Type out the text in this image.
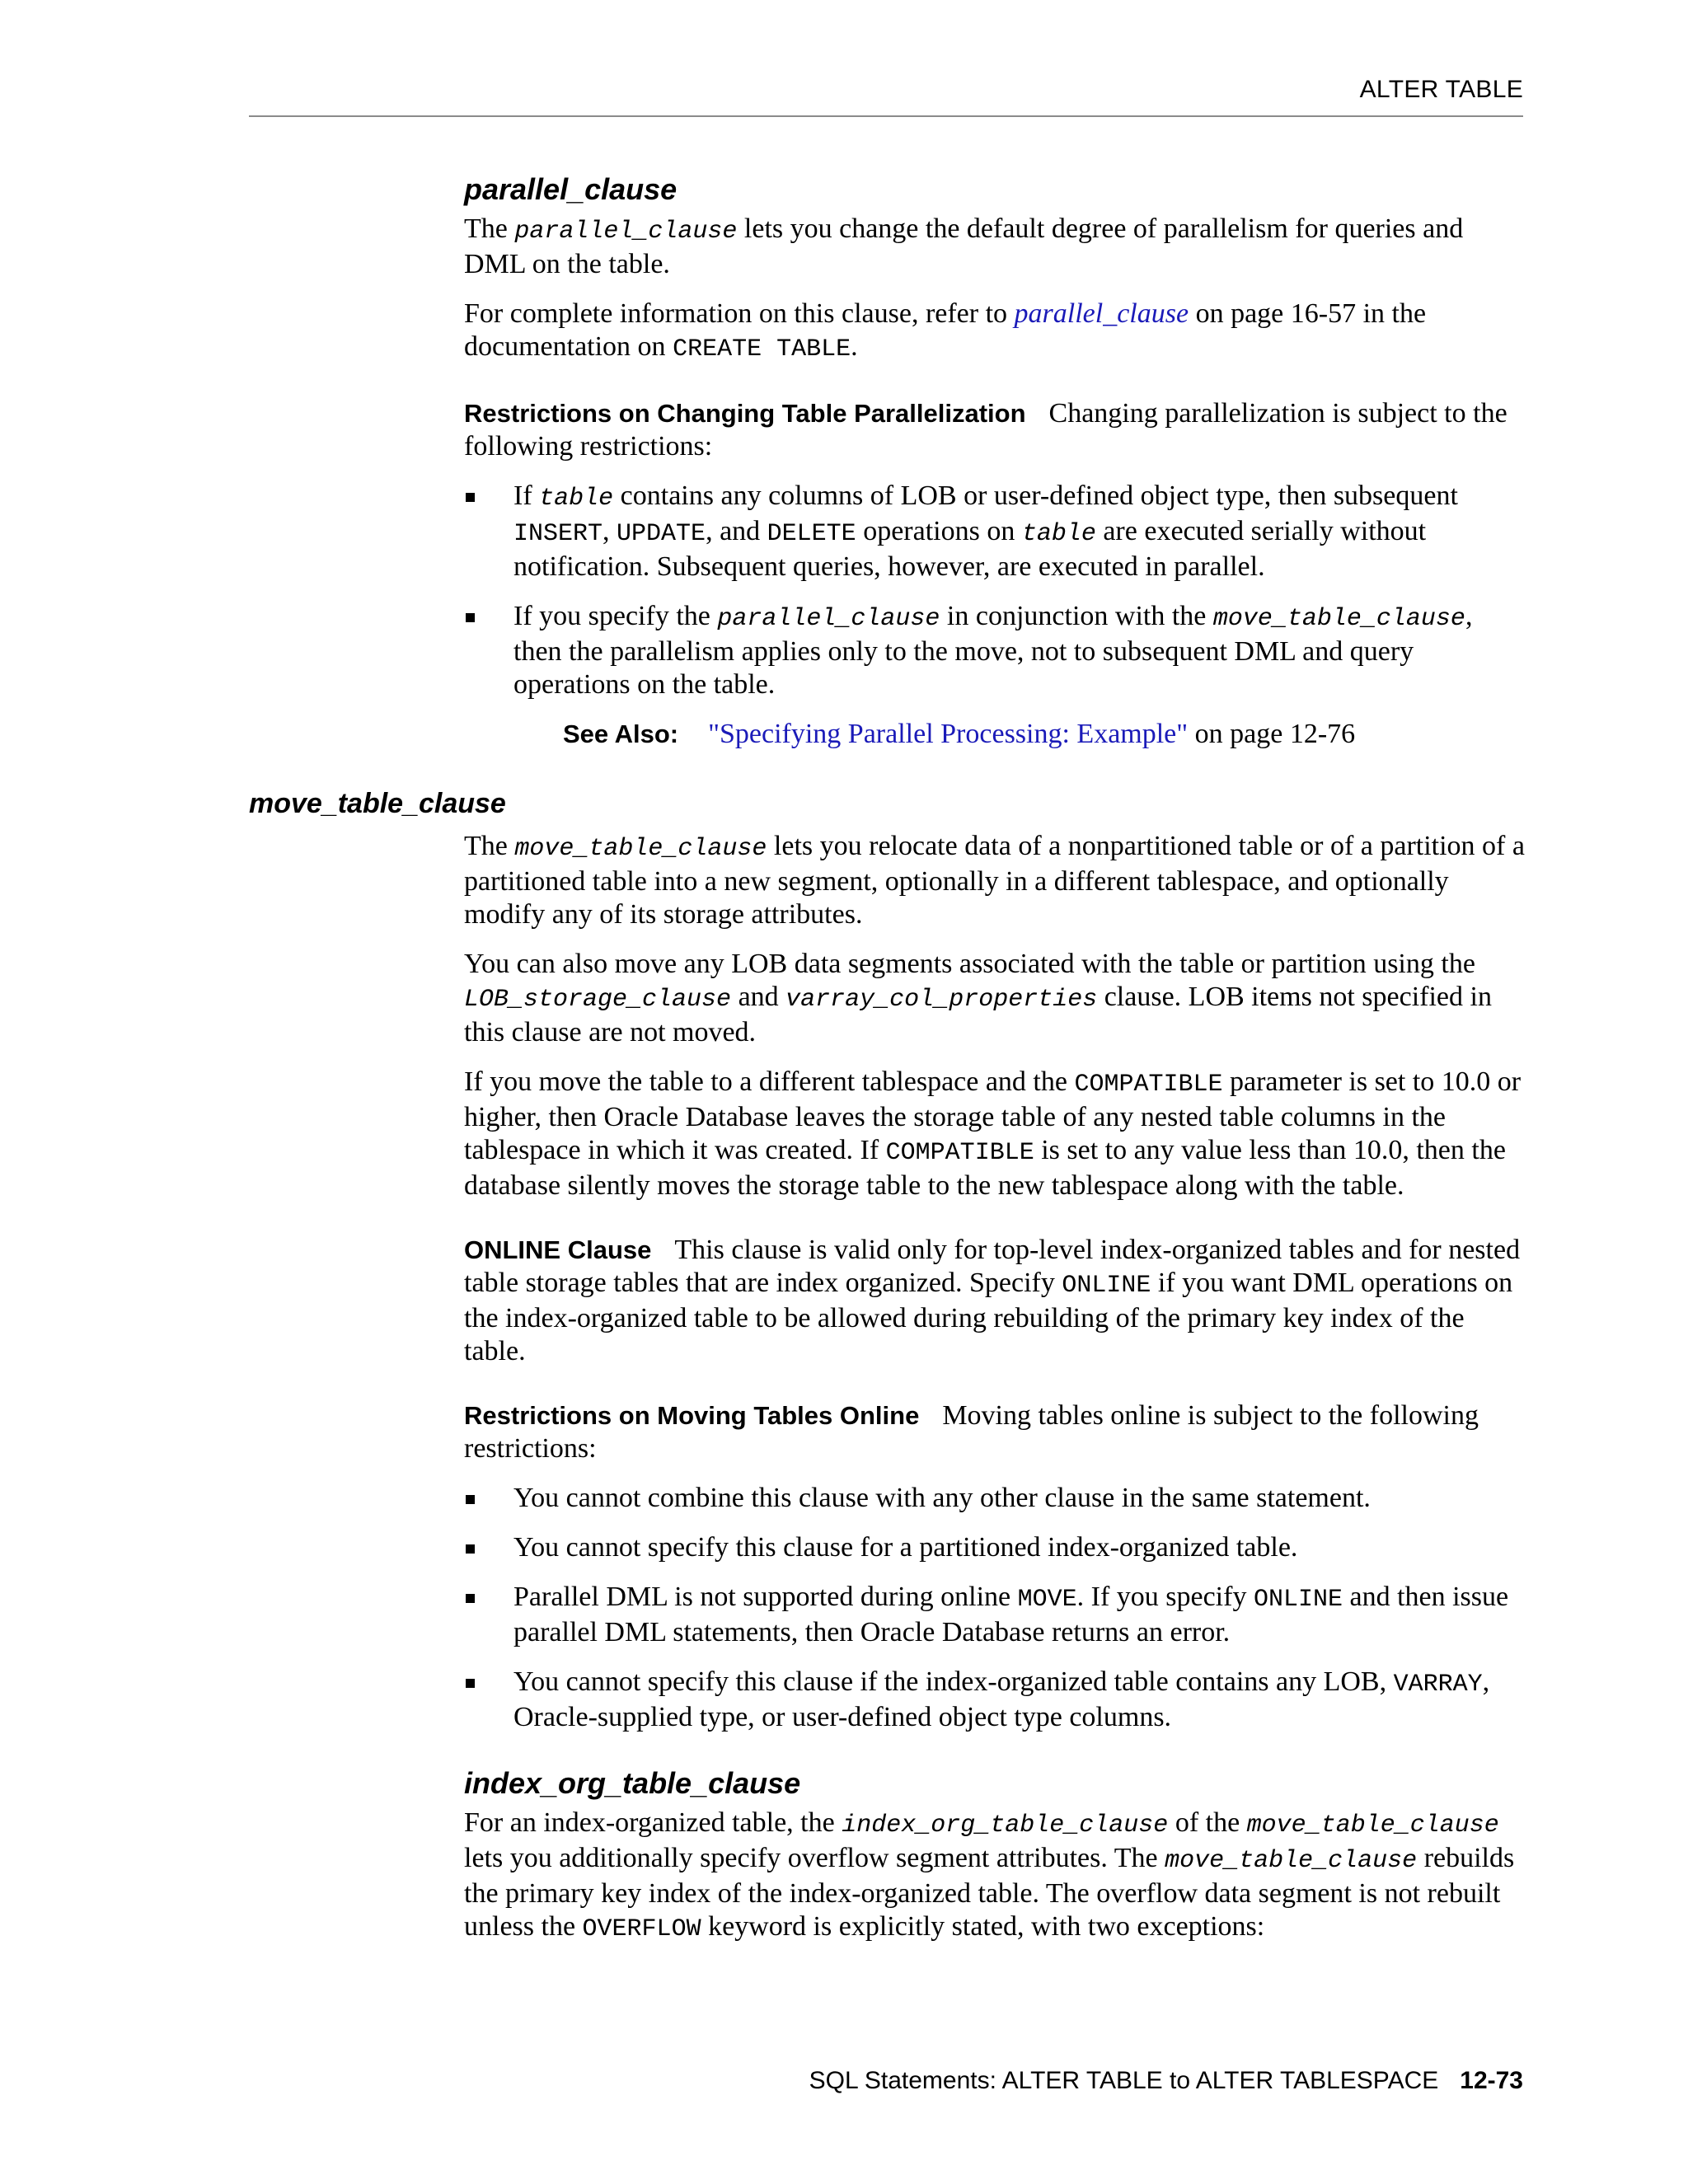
ALTER TABLE
parallel_clause

The parallel_clause lets you change the default degree of parallelism for queries and DML on the table.

For complete information on this clause, refer to parallel_clause on page 16-57 in the documentation on CREATE TABLE.

Restrictions on Changing Table Parallelization Changing parallelization is subject to the following restrictions:

If table contains any columns of LOB or user-defined object type, then subsequent INSERT, UPDATE, and DELETE operations on table are executed serially without notification. Subsequent queries, however, are executed in parallel.
If you specify the parallel_clause in conjunction with the move_table_clause, then the parallelism applies only to the move, not to subsequent DML and query operations on the table.
See Also: "Specifying Parallel Processing: Example" on page 12-76
move_table_clause

The move_table_clause lets you relocate data of a nonpartitioned table or of a partition of a partitioned table into a new segment, optionally in a different tablespace, and optionally modify any of its storage attributes.

You can also move any LOB data segments associated with the table or partition using the LOB_storage_clause and varray_col_properties clause. LOB items not specified in this clause are not moved.

If you move the table to a different tablespace and the COMPATIBLE parameter is set to 10.0 or higher, then Oracle Database leaves the storage table of any nested table columns in the tablespace in which it was created. If COMPATIBLE is set to any value less than 10.0, then the database silently moves the storage table to the new tablespace along with the table.

ONLINE Clause This clause is valid only for top-level index-organized tables and for nested table storage tables that are index organized. Specify ONLINE if you want DML operations on the index-organized table to be allowed during rebuilding of the primary key index of the table.

Restrictions on Moving Tables Online Moving tables online is subject to the following restrictions:

You cannot combine this clause with any other clause in the same statement.
You cannot specify this clause for a partitioned index-organized table.
Parallel DML is not supported during online MOVE. If you specify ONLINE and then issue parallel DML statements, then Oracle Database returns an error.
You cannot specify this clause if the index-organized table contains any LOB, VARRAY, Oracle-supplied type, or user-defined object type columns.
index_org_table_clause

For an index-organized table, the index_org_table_clause of the move_table_clause lets you additionally specify overflow segment attributes. The move_table_clause rebuilds the primary key index of the index-organized table. The overflow data segment is not rebuilt unless the OVERFLOW keyword is explicitly stated, with two exceptions:

SQL Statements: ALTER TABLE to ALTER TABLESPACE 12-73
